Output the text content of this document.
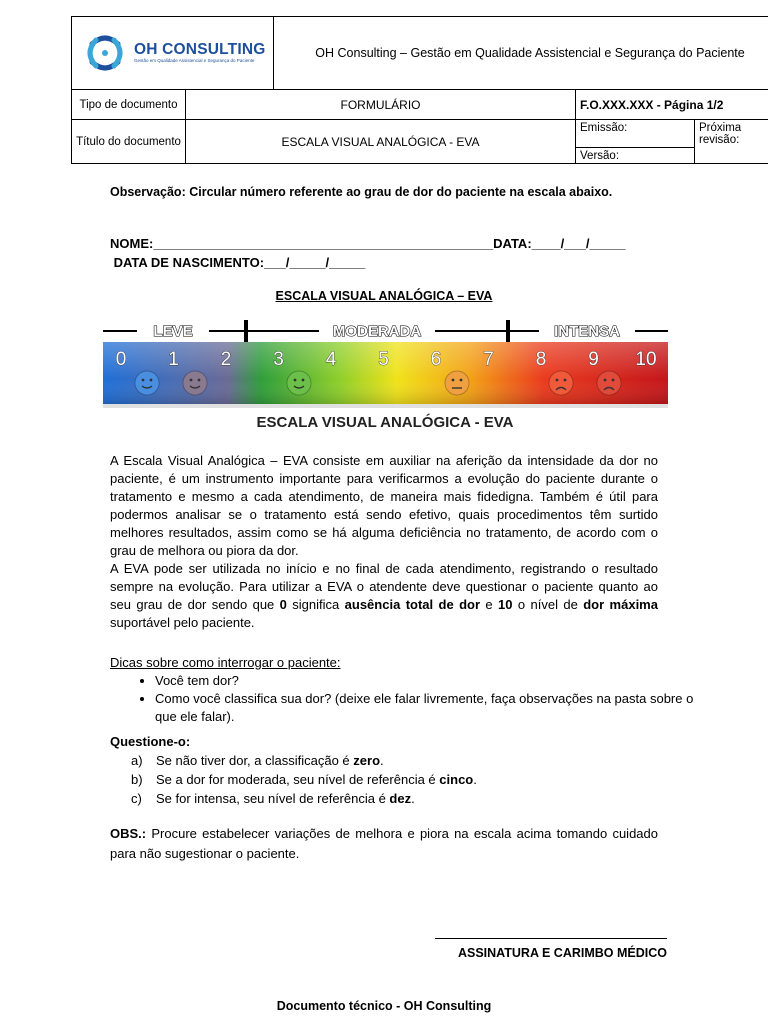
OH CONSULTING
Gestão em Qualidade Assistencial e Segurança do Paciente		OH Consulting – Gestão em Qualidade Assistencial e Segurança do Paciente		
Tipo de documento	FORMULÁRIO		F.O.XXX.XXX - Página 1/2	
Título do documento	ESCALA VISUAL ANALÓGICA - EVA		Emissão:	Próxima revisão:
			Versão:	
Observação: Circular número referente ao grau de dor do paciente na escala abaixo.
NOME:_______________________________________________DATA:____/___/_____
DATA DE NASCIMENTO:___/_____/_____
ESCALA VISUAL ANALÓGICA – EVA
LEVE	MODERADA	INTENSA
0 1 2 3 4 5 6 7 8 9 10
ESCALA VISUAL ANALÓGICA - EVA

A Escala Visual Analógica – EVA consiste em auxiliar na aferição da intensidade da dor no paciente, é um instrumento importante para verificarmos a evolução do paciente durante o tratamento e mesmo a cada atendimento, de maneira mais fidedigna. Também é útil para podermos analisar se o tratamento está sendo efetivo, quais procedimentos têm surtido melhores resultados, assim como se há alguma deficiência no tratamento, de acordo com o grau de melhora ou piora da dor.

A EVA pode ser utilizada no início e no final de cada atendimento, registrando o resultado sempre na evolução. Para utilizar a EVA o atendente deve questionar o paciente quanto ao seu grau de dor sendo que 0 significa ausência total de dor e 10 o nível de dor máxima suportável pelo paciente.

Dicas sobre como interrogar o paciente:
• Você tem dor?
• Como você classifica sua dor? (deixe ele falar livremente, faça observações na pasta sobre o que ele falar).
Questione-o:
a) Se não tiver dor, a classificação é zero.
b) Se a dor for moderada, seu nível de referência é cinco.
c) Se for intensa, seu nível de referência é dez.
OBS.: Procure estabelecer variações de melhora e piora na escala acima tomando cuidado para não sugestionar o paciente.
ASSINATURA E CARIMBO MÉDICO
Documento técnico - OH Consulting
